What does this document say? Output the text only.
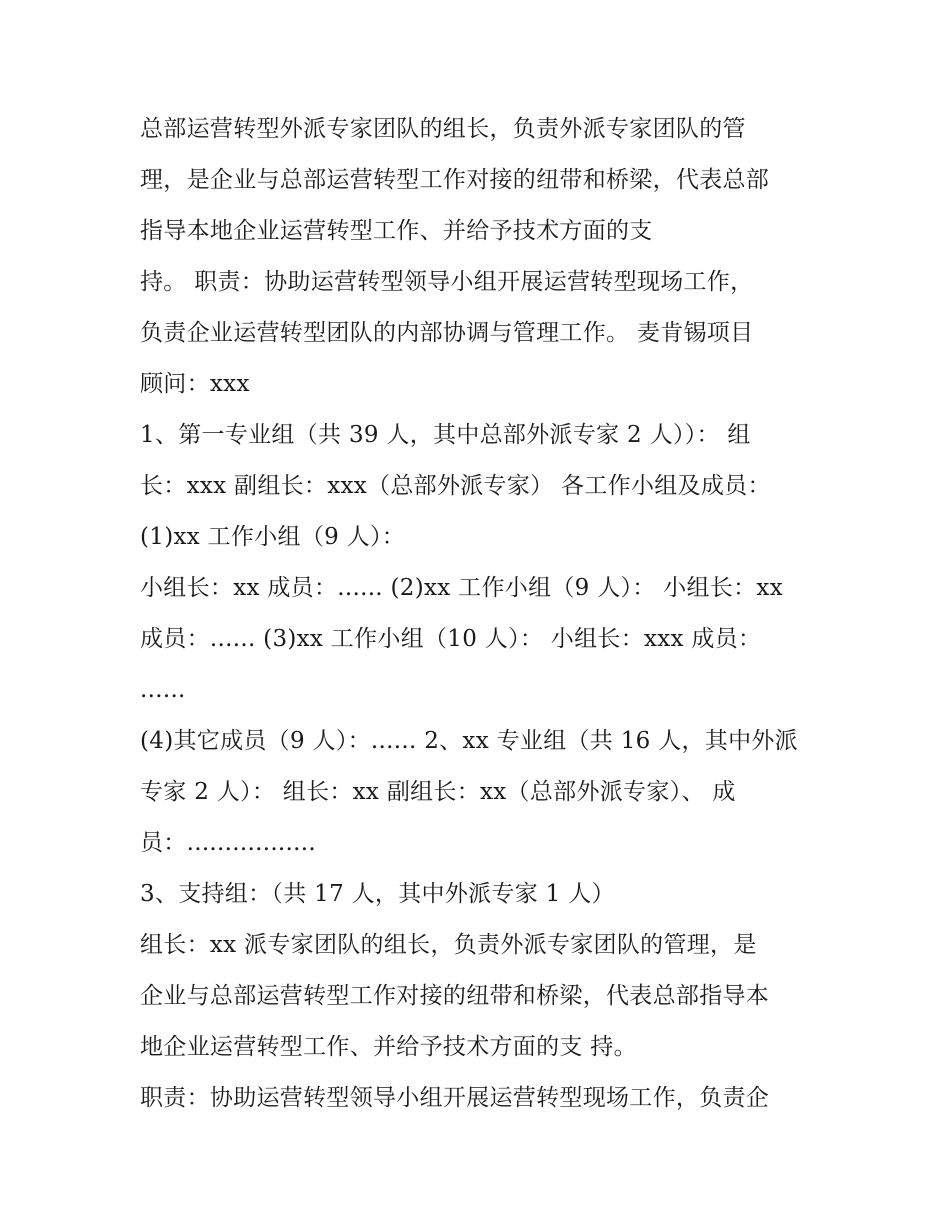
总部运营转型外派专家团队的组长，负责外派专家团队的管
理，是企业与总部运营转型工作对接的纽带和桥梁，代表总部
指导本地企业运营转型工作、并给予技术方面的支
持。 职责：协助运营转型领导小组开展运营转型现场工作，
负责企业运营转型团队的内部协调与管理工作。 麦肯锡项目
顾问：xxx
1、第一专业组（共 39 人，其中总部外派专家 2 人））： 组
长：xxx 副组长：xxx（总部外派专家） 各工作小组及成员：
(1)xx 工作小组（9 人）：
小组长：xx 成员：...... (2)xx 工作小组（9 人）： 小组长：xx
成员：...... (3)xx 工作小组（10 人）： 小组长：xxx 成员：
......
(4)其它成员（9 人）：...... 2、xx 专业组（共 16 人，其中外派
专家 2 人）： 组长：xx 副组长：xx（总部外派专家）、 成
员：.................
3、支持组：（共 17 人，其中外派专家 1 人）
组长：xx 派专家团队的组长，负责外派专家团队的管理，是
企业与总部运营转型工作对接的纽带和桥梁，代表总部指导本
地企业运营转型工作、并给予技术方面的支 持。
职责：协助运营转型领导小组开展运营转型现场工作，负责企
